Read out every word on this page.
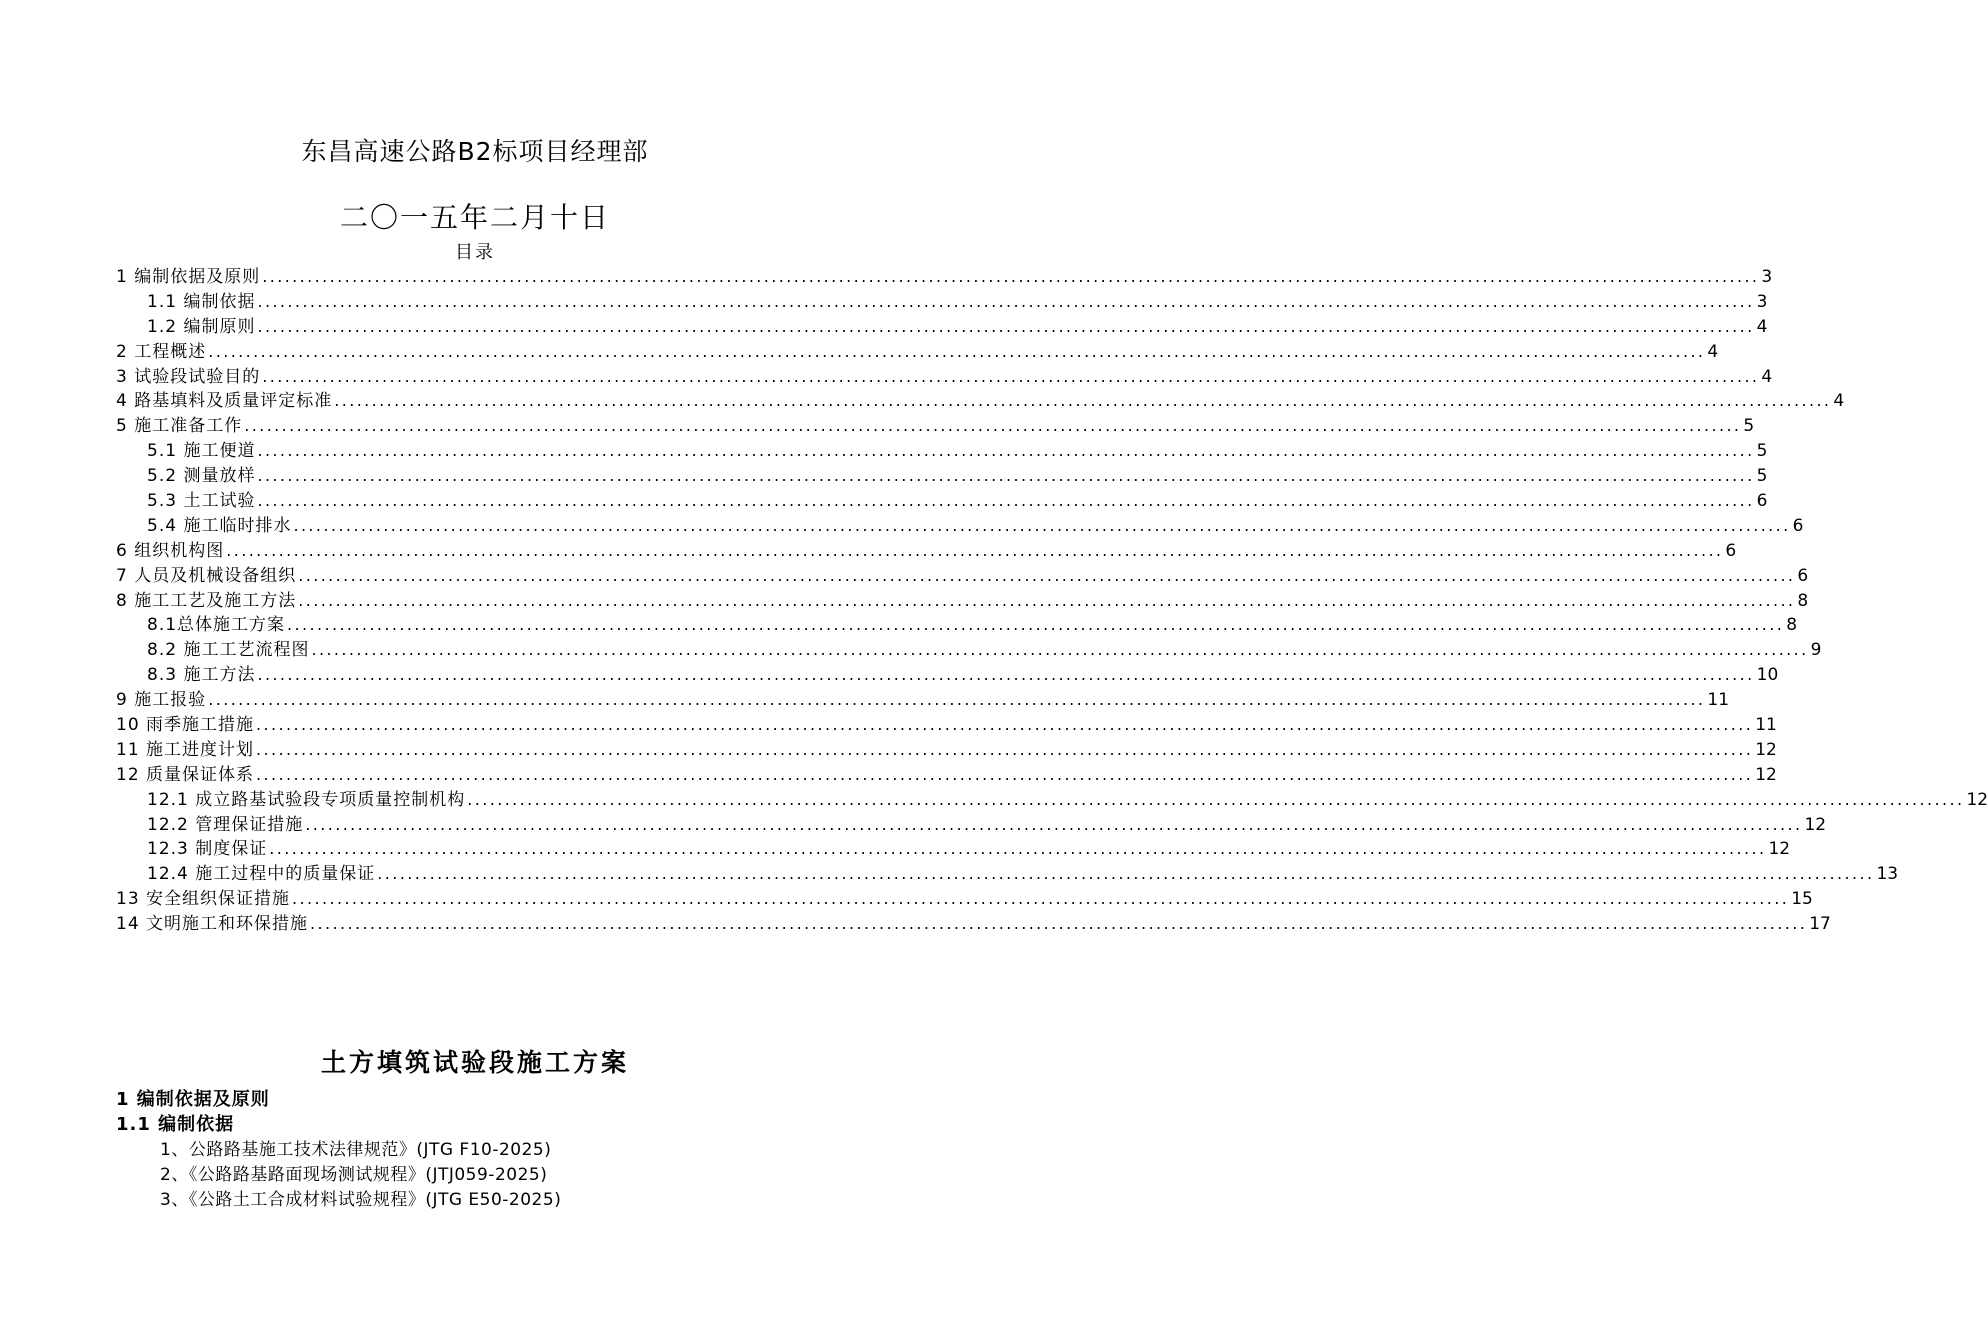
东昌高速公路B2标项目经理部
二〇一五年二月十日
目录
1 编制依据及原则 ........................................................................................................................................................................................................ 3
1.1 编制依据 ........................................................................................................................................................................................................ 3
1.2 编制原则 ........................................................................................................................................................................................................ 4
2 工程概述 ........................................................................................................................................................................................................ 4
3 试验段试验目的 ........................................................................................................................................................................................................ 4
4 路基填料及质量评定标准 ........................................................................................................................................................................................................ 4
5 施工准备工作 ........................................................................................................................................................................................................ 5
5.1 施工便道 ........................................................................................................................................................................................................ 5
5.2 测量放样 ........................................................................................................................................................................................................ 5
5.3 土工试验 ........................................................................................................................................................................................................ 6
5.4 施工临时排水 ........................................................................................................................................................................................................ 6
6 组织机构图 ........................................................................................................................................................................................................ 6
7 人员及机械设备组织 ........................................................................................................................................................................................................ 6
8 施工工艺及施工方法 ........................................................................................................................................................................................................ 8
8.1总体施工方案 ........................................................................................................................................................................................................ 8
8.2 施工工艺流程图 ........................................................................................................................................................................................................ 9
8.3 施工方法 ........................................................................................................................................................................................................ 10
9 施工报验 ........................................................................................................................................................................................................ 11
10 雨季施工措施 ........................................................................................................................................................................................................ 11
11 施工进度计划 ........................................................................................................................................................................................................ 12
12 质量保证体系 ........................................................................................................................................................................................................ 12
12.1 成立路基试验段专项质量控制机构 ........................................................................................................................................................................................................ 12
12.2 管理保证措施 ........................................................................................................................................................................................................ 12
12.3 制度保证 ........................................................................................................................................................................................................ 12
12.4 施工过程中的质量保证 ........................................................................................................................................................................................................ 13
13 安全组织保证措施 ........................................................................................................................................................................................................ 15
14 文明施工和环保措施 ........................................................................................................................................................................................................ 17
土方填筑试验段施工方案
1 编制依据及原则
1.1 编制依据
1、公路路基施工技术法律规范》(JTG F10-2025)
2、《公路路基路面现场测试规程》(JTJ059-2025)
3、《公路土工合成材料试验规程》(JTG E50-2025)
